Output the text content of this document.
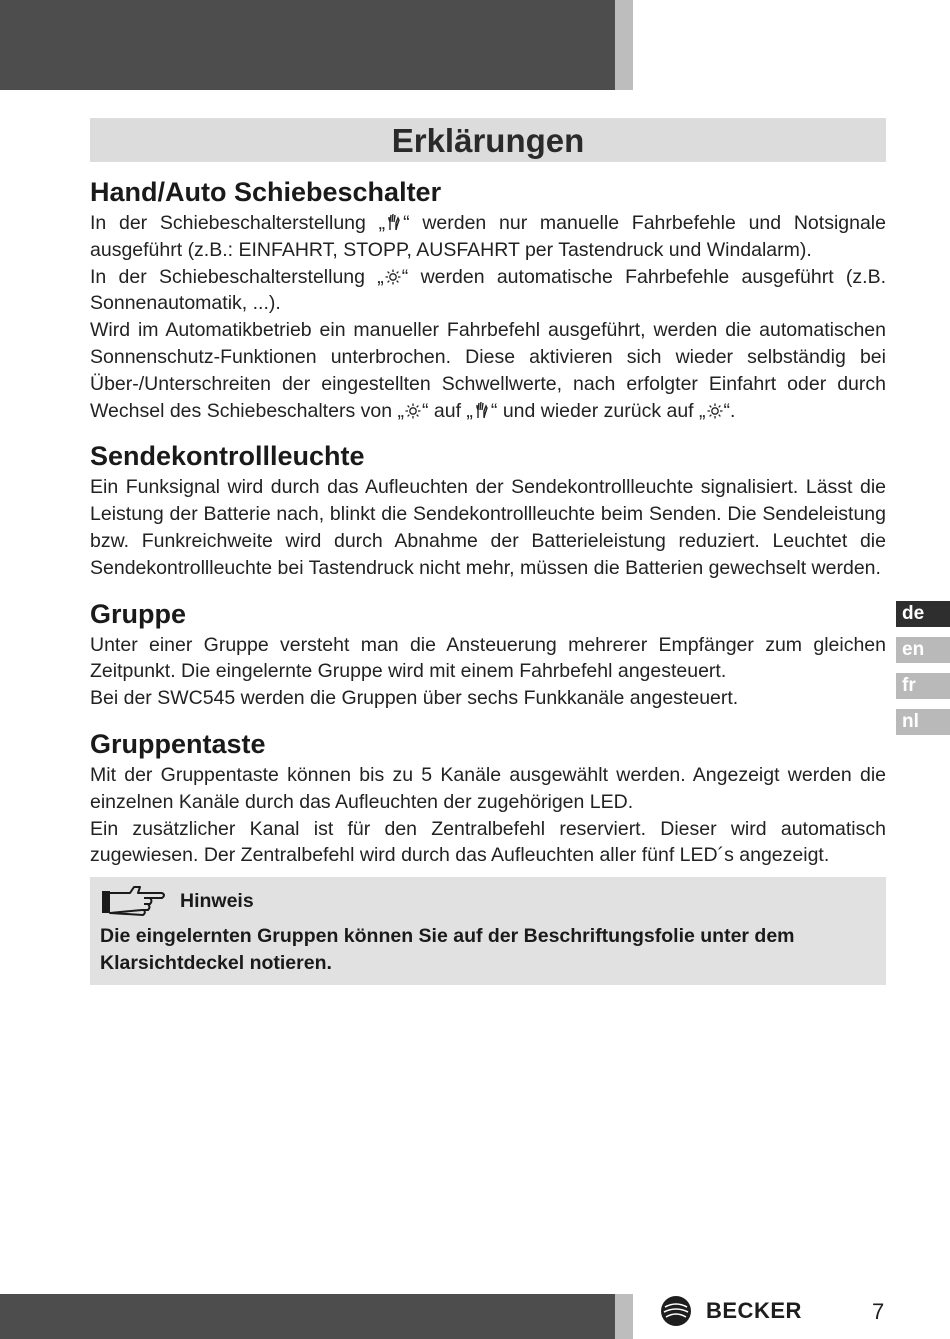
Erklärungen
Hand/Auto Schiebeschalter

In der Schiebeschalterstellung „ “ werden nur manuelle Fahrbefehle und Notsignale ausgeführt (z.B.: EINFAHRT, STOPP, AUSFAHRT per Tastendruck und Windalarm).

In der Schiebeschalterstellung „ “ werden automatische Fahrbefehle ausgeführt (z.B. Sonnenautomatik, ...).

Wird im Automatikbetrieb ein manueller Fahrbefehl ausgeführt, werden die automatischen Sonnenschutz-Funktionen unterbrochen. Diese aktivieren sich wieder selbständig bei Über-/Unterschreiten der eingestellten Schwellwerte, nach erfolgter Einfahrt oder durch Wechsel des Schiebeschalters von „ “ auf „ “ und wieder zurück auf „ “.

Sendekontrollleuchte

Ein Funksignal wird durch das Aufleuchten der Sendekontrollleuchte signalisiert. Lässt die Leistung der Batterie nach, blinkt die Sendekontrollleuchte beim Senden. Die Sendeleistung bzw. Funkreichweite wird durch Abnahme der Batterieleistung reduziert. Leuchtet die Sendekontrollleuchte bei Tastendruck nicht mehr, müssen die Batterien gewechselt werden.

Gruppe

Unter einer Gruppe versteht man die Ansteuerung mehrerer Empfänger zum gleichen Zeitpunkt. Die eingelernte Gruppe wird mit einem Fahrbefehl angesteuert.

Bei der SWC545 werden die Gruppen über sechs Funkkanäle angesteuert.

Gruppentaste

Mit der Gruppentaste können bis zu 5 Kanäle ausgewählt werden. Angezeigt werden die einzelnen Kanäle durch das Aufleuchten der zugehörigen LED.

Ein zusätzlicher Kanal ist für den Zentralbefehl reserviert. Dieser wird automatisch zugewiesen. Der Zentralbefehl wird durch das Aufleuchten aller fünf LED´s angezeigt.

Hinweis
Die eingelernten Gruppen können Sie auf der Beschriftungsfolie unter dem Klarsichtdeckel notieren.
de
en
fr
nl
BECKER	7
